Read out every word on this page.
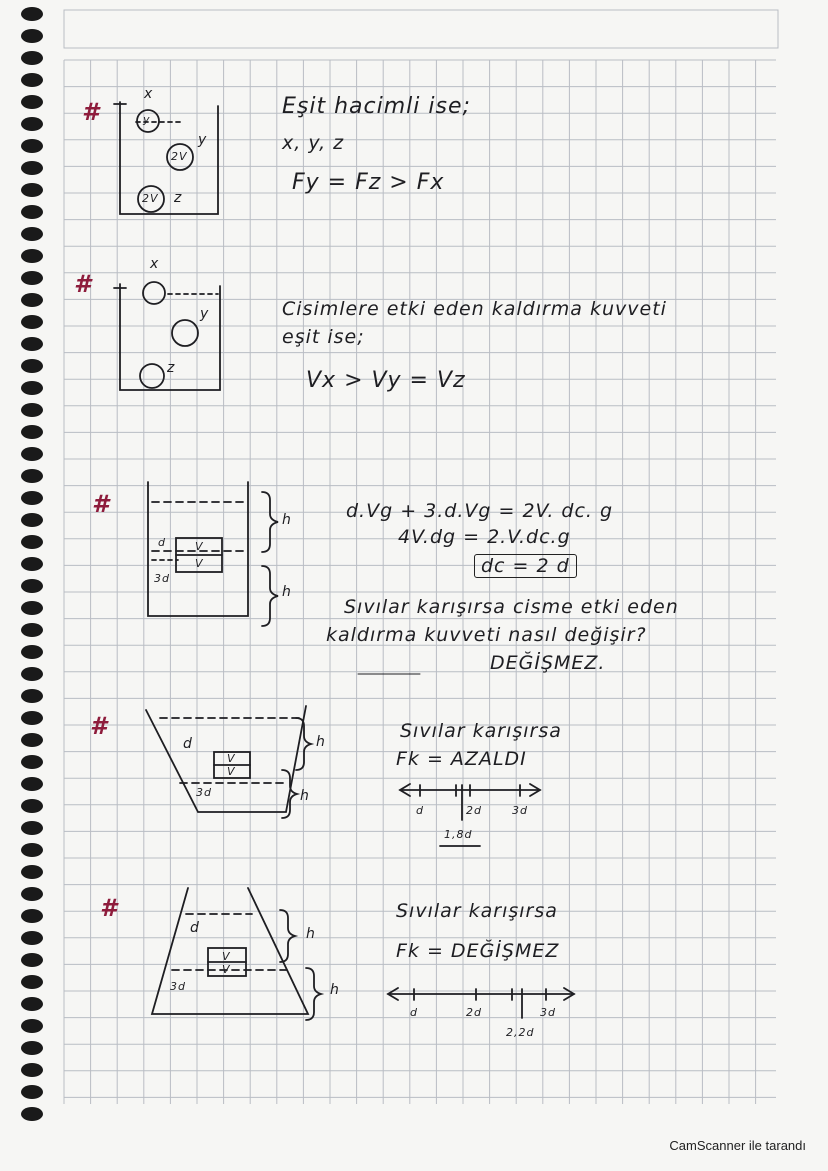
#
x
y
y
2V
2V z
Eşit hacimli ise;
x, y, z
Fy = Fz > Fx
#
x
y
z
Cisimlere etki eden kaldırma kuvveti
eşit ise;
Vx > Vy = Vz
#
d
3d
V
V
h
h
d.Vg + 3.d.Vg = 2V. dc. g
4V.dg = 2.V.dc.g
dc = 2 d
Sıvılar karışırsa cisme etki eden
kaldırma kuvveti nasıl değişir?
DEĞİŞMEZ.
#
d
3d
V
V
h
h
Sıvılar karışırsa
Fk = AZALDI
d	2d	3d
1,8d
#
d
3d
V
V
h
h
Sıvılar karışırsa
Fk = DEĞİŞMEZ
d	2d	3d
2,2d
CamScanner ile tarandı
